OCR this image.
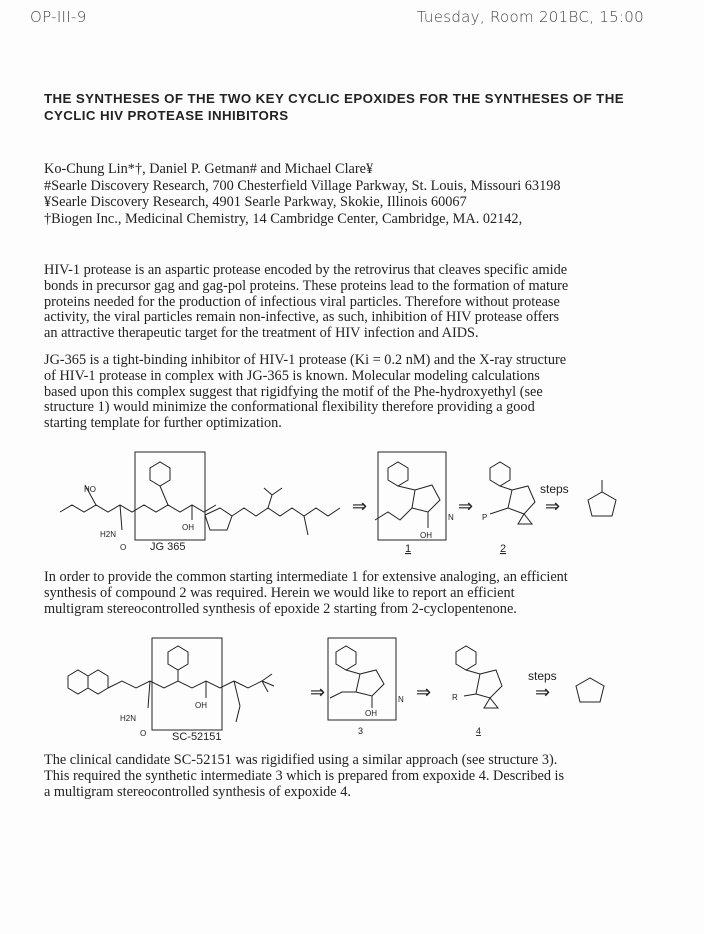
OP-III-9	Tuesday, Room 201BC, 15:00
THE SYNTHESES OF THE TWO KEY CYCLIC EPOXIDES FOR THE SYNTHESES OF THE CYCLIC HIV PROTEASE INHIBITORS
Ko-Chung Lin*†, Daniel P. Getman# and Michael Clare¥
#Searle Discovery Research, 700 Chesterfield Village Parkway, St. Louis, Missouri 63198
¥Searle Discovery Research, 4901 Searle Parkway, Skokie, Illinois 60067
†Biogen Inc., Medicinal Chemistry, 14 Cambridge Center, Cambridge, MA. 02142,
HIV-1 protease is an aspartic protease encoded by the retrovirus that cleaves specific amide
bonds in precursor gag and gag-pol proteins. These proteins lead to the formation of mature
proteins needed for the production of infectious viral particles. Therefore without protease
activity, the viral particles remain non-infective, as such, inhibition of HIV protease offers
an attractive therapeutic target for the treatment of HIV infection and AIDS.
JG-365 is a tight-binding inhibitor of HIV-1 protease (Ki = 0.2 nM) and the X-ray structure
of HIV-1 protease in complex with JG-365 is known. Molecular modeling calculations
based upon this complex suggest that rigidfying the motif of the Phe-hydroxyethyl (see
structure 1) would minimize the conformational flexibility therefore providing a good
starting template for further optimization.
HO
OH
H2N
O JG 365
⇒
OH
N
1
⇒
P
2
steps
⇒
In order to provide the common starting intermediate 1 for extensive analoging, an efficient
synthesis of compound 2 was required. Herein we would like to report an efficient
multigram stereocontrolled synthesis of epoxide 2 starting from 2-cyclopentenone.
OH
H2N
O SC-52151
⇒
OH
N
3
⇒	R
4
steps
⇒
The clinical candidate SC-52151 was rigidified using a similar approach (see structure 3).
This required the synthetic intermediate 3 which is prepared from expoxide 4. Described is
a multigram stereocontrolled synthesis of expoxide 4.
